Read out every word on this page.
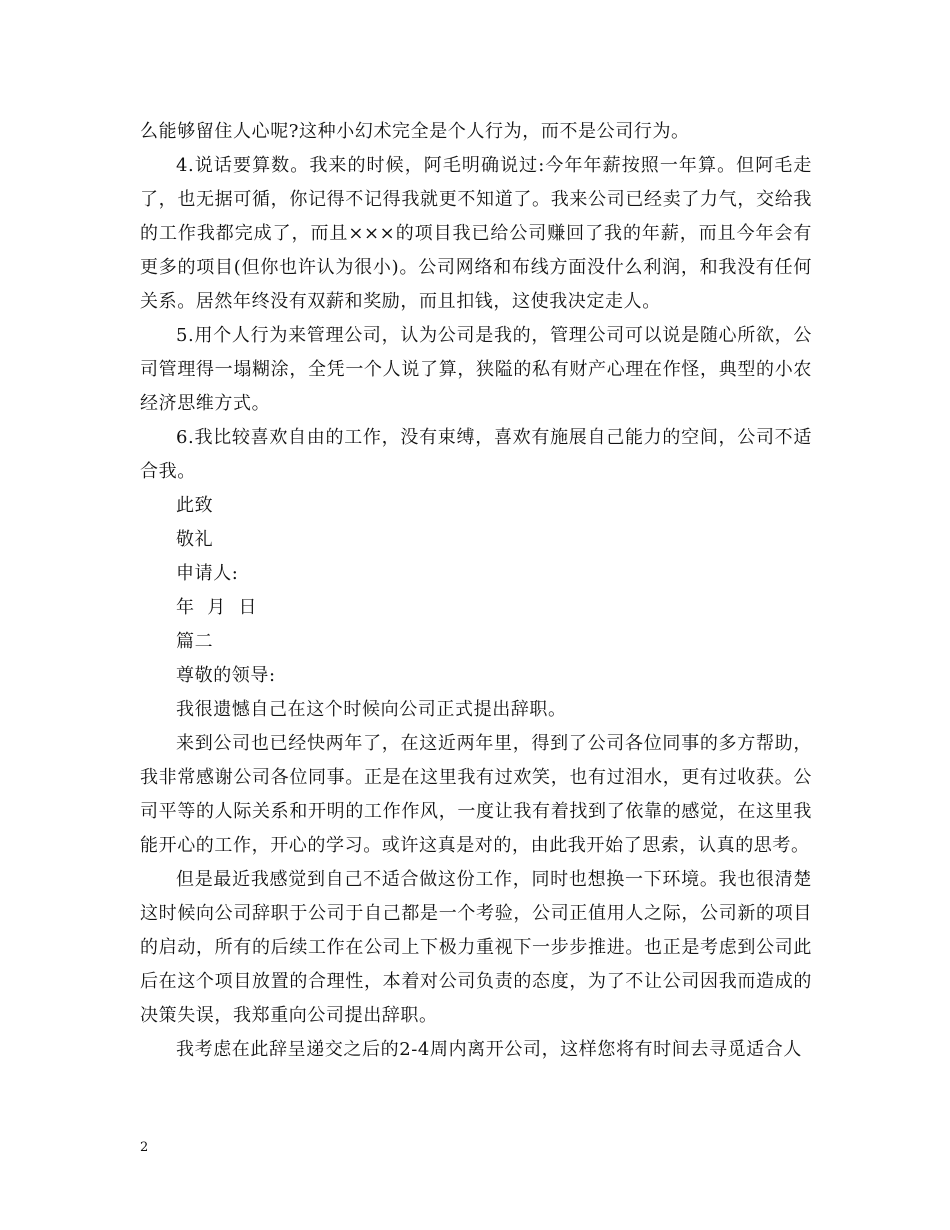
么能够留住人心呢?这种小幻术完全是个人行为，而不是公司行为。

4.说话要算数。我来的时候，阿毛明确说过:今年年薪按照一年算。但阿毛走了，也无据可循，你记得不记得我就更不知道了。我来公司已经卖了力气，交给我的工作我都完成了，而且×××的项目我已给公司赚回了我的年薪，而且今年会有更多的项目(但你也许认为很小)。公司网络和布线方面没什么利润，和我没有任何关系。居然年终没有双薪和奖励，而且扣钱，这使我决定走人。

5.用个人行为来管理公司，认为公司是我的，管理公司可以说是随心所欲，公司管理得一塌糊涂，全凭一个人说了算，狭隘的私有财产心理在作怪，典型的小农经济思维方式。

6.我比较喜欢自由的工作，没有束缚，喜欢有施展自己能力的空间，公司不适合我。

此致

敬礼

申请人:

年  月  日

篇二

尊敬的领导:

我很遗憾自己在这个时候向公司正式提出辞职。

来到公司也已经快两年了，在这近两年里，得到了公司各位同事的多方帮助，我非常感谢公司各位同事。正是在这里我有过欢笑，也有过泪水，更有过收获。公司平等的人际关系和开明的工作作风，一度让我有着找到了依靠的感觉，在这里我能开心的工作，开心的学习。或许这真是对的，由此我开始了思索，认真的思考。

但是最近我感觉到自己不适合做这份工作，同时也想换一下环境。我也很清楚这时候向公司辞职于公司于自己都是一个考验，公司正值用人之际，公司新的项目的启动，所有的后续工作在公司上下极力重视下一步步推进。也正是考虑到公司此后在这个项目放置的合理性，本着对公司负责的态度，为了不让公司因我而造成的决策失误，我郑重向公司提出辞职。

我考虑在此辞呈递交之后的2-4周内离开公司，这样您将有时间去寻觅适合人

2
